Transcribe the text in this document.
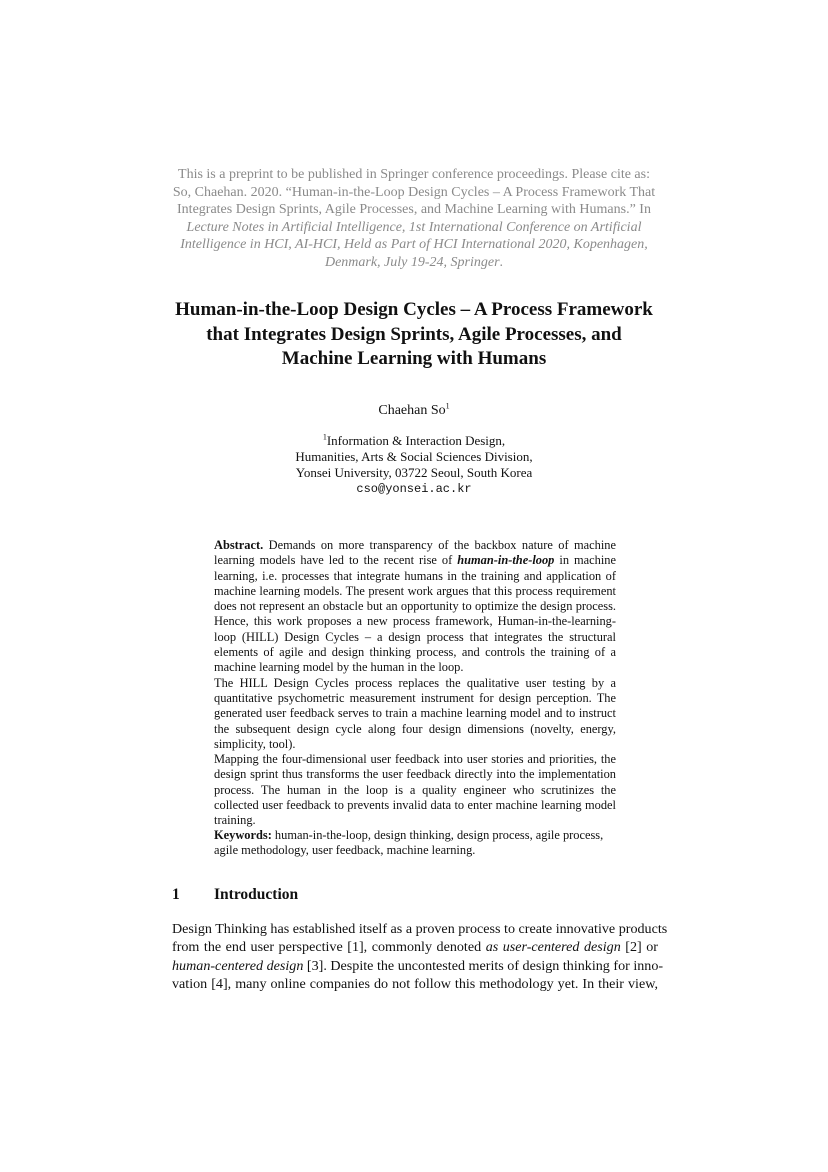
This is a preprint to be published in Springer conference proceedings. Please cite as: So, Chaehan. 2020. “Human-in-the-Loop Design Cycles – A Process Framework That Integrates Design Sprints, Agile Processes, and Machine Learning with Humans.” In Lecture Notes in Artificial Intelligence, 1st International Conference on Artificial Intelligence in HCI, AI-HCI, Held as Part of HCI International 2020, Kopenhagen, Denmark, July 19-24, Springer.
Human-in-the-Loop Design Cycles – A Process Framework that Integrates Design Sprints, Agile Processes, and Machine Learning with Humans
Chaehan So$^1$
$^1$Information & Interaction Design,
Humanities, Arts & Social Sciences Division,
Yonsei University, 03722 Seoul, South Korea
cso@yonsei.ac.kr

Abstract. Demands on more transparency of the backbox nature of machine learning models have led to the recent rise of human-in-the-loop in machine learning, i.e. processes that integrate humans in the training and application of machine learning models. The present work argues that this process requirement does not represent an obstacle but an opportunity to optimize the design process. Hence, this work proposes a new process framework, Human-in-the-learning-loop (HILL) Design Cycles – a design process that integrates the structural elements of agile and design thinking process, and controls the training of a machine learning model by the human in the loop.

The HILL Design Cycles process replaces the qualitative user testing by a quantitative psychometric measurement instrument for design perception. The generated user feedback serves to train a machine learning model and to instruct the subsequent design cycle along four design dimensions (novelty, energy, simplicity, tool).

Mapping the four-dimensional user feedback into user stories and priorities, the design sprint thus transforms the user feedback directly into the implementation process. The human in the loop is a quality engineer who scrutinizes the collected user feedback to prevents invalid data to enter machine learning model training.

Keywords: human-in-the-loop, design thinking, design process, agile process, agile methodology, user feedback, machine learning.
1 Introduction
Design Thinking has established itself as a proven process to create innovative products
from the end user perspective [1], commonly denoted as user-centered design [2] or
human-centered design [3]. Despite the uncontested merits of design thinking for inno-
vation [4], many online companies do not follow this methodology yet. In their view,
